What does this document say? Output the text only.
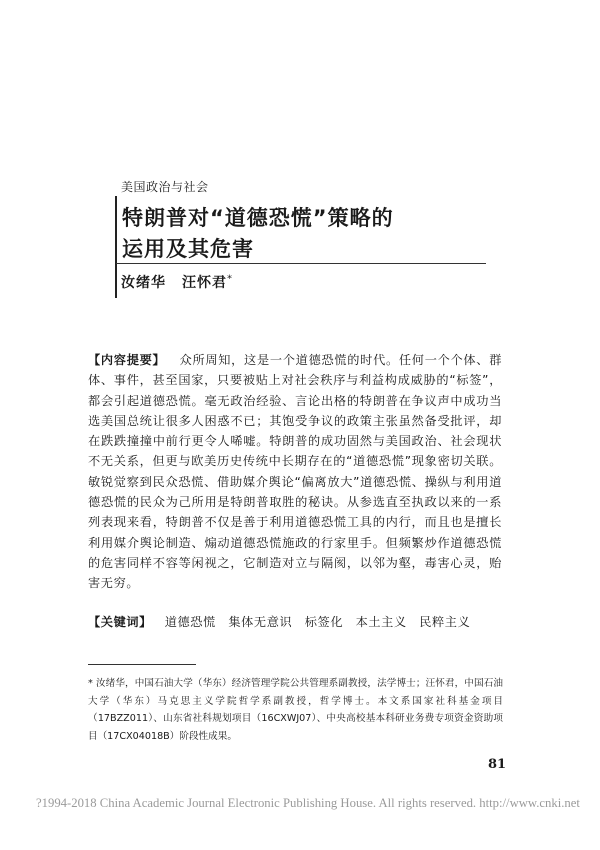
美国政治与社会
特朗普对“道德恐慌”策略的
运用及其危害
汝绪华 汪怀君*

【内容提要】 众所周知，这是一个道德恐慌的时代。任何一个个体、群体、事件，甚至国家，只要被贴上对社会秩序与利益构成威胁的“标签”，都会引起道德恐慌。毫无政治经验、言论出格的特朗普在争议声中成功当选美国总统让很多人困惑不已；其饱受争议的政策主张虽然备受批评，却在跌跌撞撞中前行更令人唏嘘。特朗普的成功固然与美国政治、社会现状不无关系，但更与欧美历史传统中长期存在的“道德恐慌”现象密切关联。敏锐觉察到民众恐慌、借助媒介舆论“偏离放大”道德恐慌、操纵与利用道德恐慌的民众为己所用是特朗普取胜的秘诀。从参选直至执政以来的一系列表现来看，特朗普不仅是善于利用道德恐慌工具的内行，而且也是擅长利用媒介舆论制造、煽动道德恐慌施政的行家里手。但频繁炒作道德恐慌的危害同样不容等闲视之，它制造对立与隔阂，以邻为壑，毒害心灵，贻害无穷。

【关键词】  道德恐慌 集体无意识 标签化 本土主义 民粹主义

* 汝绪华，中国石油大学（华东）经济管理学院公共管理系副教授，法学博士；汪怀君，中国石油大学（华东）马克思主义学院哲学系副教授，哲学博士。本文系国家社科基金项目（17BZZ011）、山东省社科规划项目（16CXWJ07）、中央高校基本科研业务费专项资金资助项目（17CX04018B）阶段性成果。

81
?1994-2018 China Academic Journal Electronic Publishing House. All rights reserved. http://www.cnki.net
